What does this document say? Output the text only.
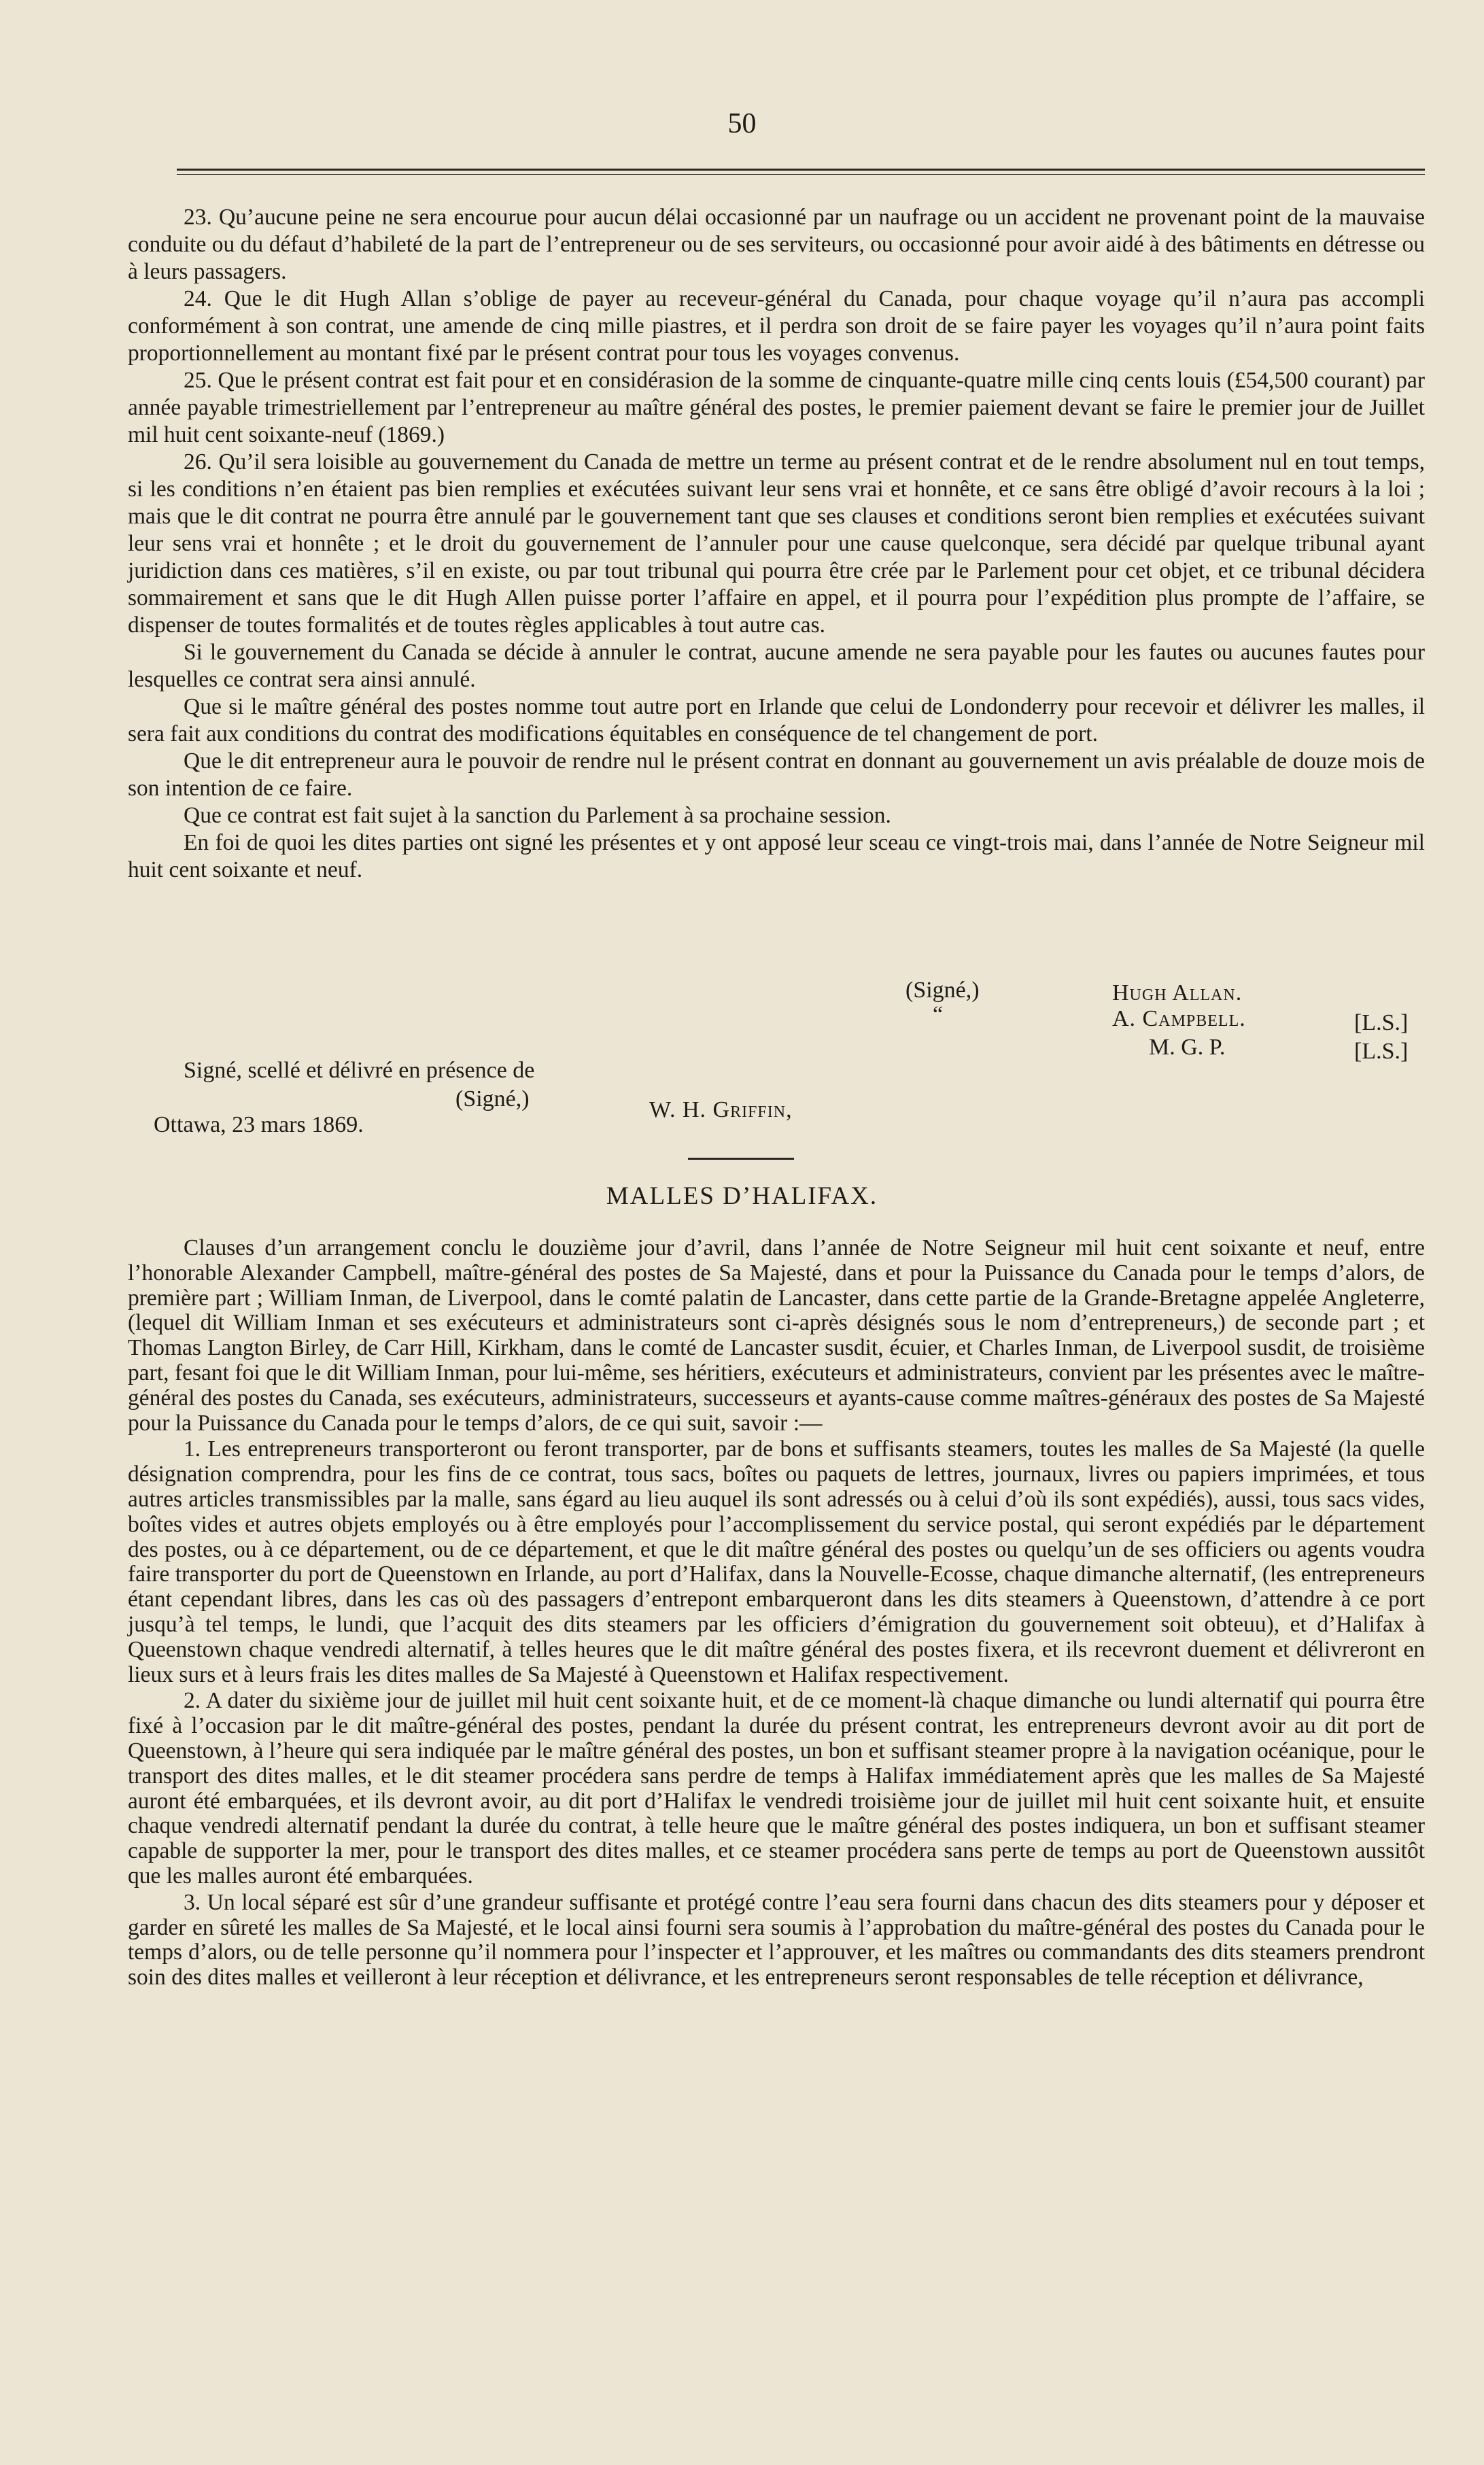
50

23. Qu’aucune peine ne sera encourue pour aucun délai occasionné par un naufrage ou un accident ne provenant point de la mauvaise conduite ou du défaut d’habileté de la part de l’entrepreneur ou de ses serviteurs, ou occasionné pour avoir aidé à des bâtiments en détresse ou à leurs passagers.

24. Que le dit Hugh Allan s’oblige de payer au receveur-général du Canada, pour chaque voyage qu’il n’aura pas accompli conformément à son contrat, une amende de cinq mille piastres, et il perdra son droit de se faire payer les voyages qu’il n’aura point faits proportionnellement au montant fixé par le présent contrat pour tous les voyages convenus.

25. Que le présent contrat est fait pour et en considérasion de la somme de cinquante-quatre mille cinq cents louis (£54,500 courant) par année payable trimestriellement par l’entrepreneur au maître général des postes, le premier paiement devant se faire le premier jour de Juillet mil huit cent soixante-neuf (1869.)

26. Qu’il sera loisible au gouvernement du Canada de mettre un terme au présent contrat et de le rendre absolument nul en tout temps, si les conditions n’en étaient pas bien remplies et exécutées suivant leur sens vrai et honnête, et ce sans être obligé d’avoir recours à la loi ; mais que le dit contrat ne pourra être annulé par le gouvernement tant que ses clauses et conditions seront bien remplies et exécutées suivant leur sens vrai et honnête ; et le droit du gouvernement de l’annuler pour une cause quelconque, sera décidé par quelque tribunal ayant juridiction dans ces matières, s’il en existe, ou par tout tribunal qui pourra être crée par le Parlement pour cet objet, et ce tribunal décidera sommairement et sans que le dit Hugh Allen puisse porter l’affaire en appel, et il pourra pour l’expédition plus prompte de l’affaire, se dispenser de toutes formalités et de toutes règles applicables à tout autre cas.

Si le gouvernement du Canada se décide à annuler le contrat, aucune amende ne sera payable pour les fautes ou aucunes fautes pour lesquelles ce contrat sera ainsi annulé.

Que si le maître général des postes nomme tout autre port en Irlande que celui de Londonderry pour recevoir et délivrer les malles, il sera fait aux conditions du contrat des modifications équitables en conséquence de tel changement de port.

Que le dit entrepreneur aura le pouvoir de rendre nul le présent contrat en donnant au gouvernement un avis préalable de douze mois de son intention de ce faire.

Que ce contrat est fait sujet à la sanction du Parlement à sa prochaine session.

En foi de quoi les dites parties ont signé les présentes et y ont apposé leur sceau ce vingt-trois mai, dans l’année de Notre Seigneur mil huit cent soixante et neuf.

(Signé,)
“
Hugh Allan.
A. Campbell.
M. G. P.
[L.S.]
[L.S.]
Signé, scellé et délivré en présence de
(Signé,)	W. H. Griffin,
Ottawa, 23 mars 1869.
MALLES D’HALIFAX.

Clauses d’un arrangement conclu le douzième jour d’avril, dans l’année de Notre Seigneur mil huit cent soixante et neuf, entre l’honorable Alexander Campbell, maître-général des postes de Sa Majesté, dans et pour la Puissance du Canada pour le temps d’alors, de première part ; William Inman, de Liverpool, dans le comté palatin de Lancaster, dans cette partie de la Grande-Bretagne appelée Angleterre, (lequel dit William Inman et ses exécuteurs et administrateurs sont ci-après désignés sous le nom d’entrepreneurs,) de seconde part ; et Thomas Langton Birley, de Carr Hill, Kirkham, dans le comté de Lancaster susdit, écuier, et Charles Inman, de Liverpool susdit, de troisième part, fesant foi que le dit William Inman, pour lui-même, ses héritiers, exécuteurs et administrateurs, convient par les présentes avec le maître-général des postes du Canada, ses exécuteurs, administrateurs, successeurs et ayants-cause comme maîtres-généraux des postes de Sa Majesté pour la Puissance du Canada pour le temps d’alors, de ce qui suit, savoir :—

1. Les entrepreneurs transporteront ou feront transporter, par de bons et suffisants steamers, toutes les malles de Sa Majesté (la quelle désignation comprendra, pour les fins de ce contrat, tous sacs, boîtes ou paquets de lettres, journaux, livres ou papiers imprimées, et tous autres articles transmissibles par la malle, sans égard au lieu auquel ils sont adressés ou à celui d’où ils sont expédiés), aussi, tous sacs vides, boîtes vides et autres objets employés ou à être employés pour l’accomplissement du service postal, qui seront expédiés par le département des postes, ou à ce département, ou de ce département, et que le dit maître général des postes ou quelqu’un de ses officiers ou agents voudra faire transporter du port de Queenstown en Irlande, au port d’Halifax, dans la Nouvelle-Ecosse, chaque dimanche alternatif, (les entrepreneurs étant cependant libres, dans les cas où des passagers d’entrepont embarqueront dans les dits steamers à Queenstown, d’attendre à ce port jusqu’à tel temps, le lundi, que l’acquit des dits steamers par les officiers d’émigration du gouvernement soit obteuu), et d’Halifax à Queenstown chaque vendredi alternatif, à telles heures que le dit maître général des postes fixera, et ils recevront duement et délivreront en lieux surs et à leurs frais les dites malles de Sa Majesté à Queenstown et Halifax respectivement.

2. A dater du sixième jour de juillet mil huit cent soixante huit, et de ce moment-là chaque dimanche ou lundi alternatif qui pourra être fixé à l’occasion par le dit maître-général des postes, pendant la durée du présent contrat, les entrepreneurs devront avoir au dit port de Queenstown, à l’heure qui sera indiquée par le maître général des postes, un bon et suffisant steamer propre à la navigation océanique, pour le transport des dites malles, et le dit steamer procédera sans perdre de temps à Halifax immédiatement après que les malles de Sa Majesté auront été embarquées, et ils devront avoir, au dit port d’Halifax le vendredi troisième jour de juillet mil huit cent soixante huit, et ensuite chaque vendredi alternatif pendant la durée du contrat, à telle heure que le maître général des postes indiquera, un bon et suffisant steamer capable de supporter la mer, pour le transport des dites malles, et ce steamer procédera sans perte de temps au port de Queenstown aussitôt que les malles auront été embarquées.

3. Un local séparé est sûr d’une grandeur suffisante et protégé contre l’eau sera fourni dans chacun des dits steamers pour y déposer et garder en sûreté les malles de Sa Majesté, et le local ainsi fourni sera soumis à l’approbation du maître-général des postes du Canada pour le temps d’alors, ou de telle personne qu’il nommera pour l’inspecter et l’approuver, et les maîtres ou commandants des dits steamers prendront soin des dites malles et veilleront à leur réception et délivrance, et les entrepreneurs seront responsables de telle réception et délivrance,
